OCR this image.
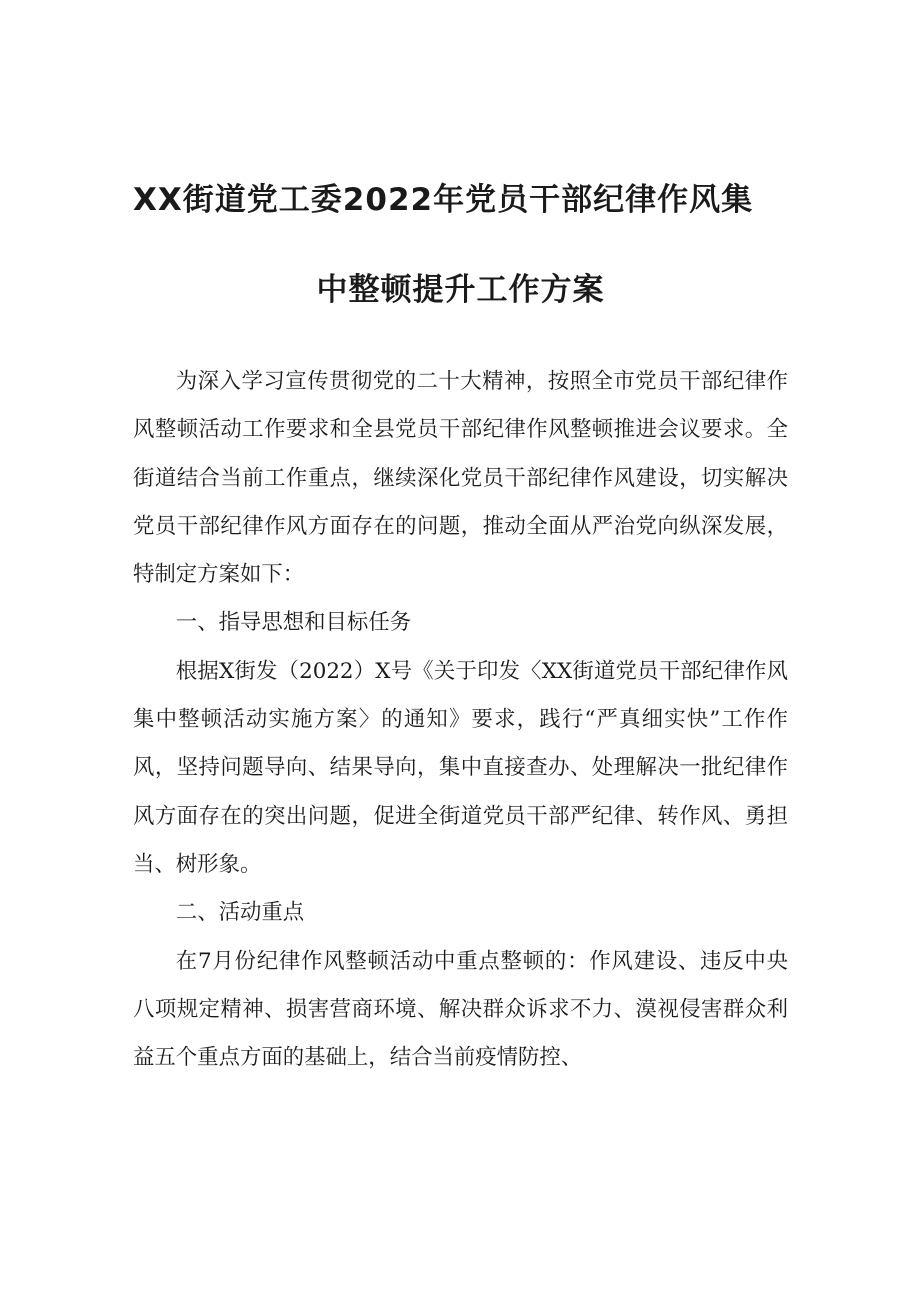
XX街道党工委2022年党员干部纪律作风集
中整顿提升工作方案

为深入学习宣传贯彻党的二十大精神，按照全市党员干部纪律作风整顿活动工作要求和全县党员干部纪律作风整顿推进会议要求。全街道结合当前工作重点，继续深化党员干部纪律作风建设，切实解决党员干部纪律作风方面存在的问题，推动全面从严治党向纵深发展，特制定方案如下：

一、指导思想和目标任务

根据X街发（2022）X号《关于印发〈XX街道党员干部纪律作风集中整顿活动实施方案〉的通知》要求，践行“严真细实快”工作作风，坚持问题导向、结果导向，集中直接查办、处理解决一批纪律作风方面存在的突出问题，促进全街道党员干部严纪律、转作风、勇担当、树形象。

二、活动重点

在7月份纪律作风整顿活动中重点整顿的：作风建设、违反中央八项规定精神、损害营商环境、解决群众诉求不力、漠视侵害群众利益五个重点方面的基础上，结合当前疫情防控、
